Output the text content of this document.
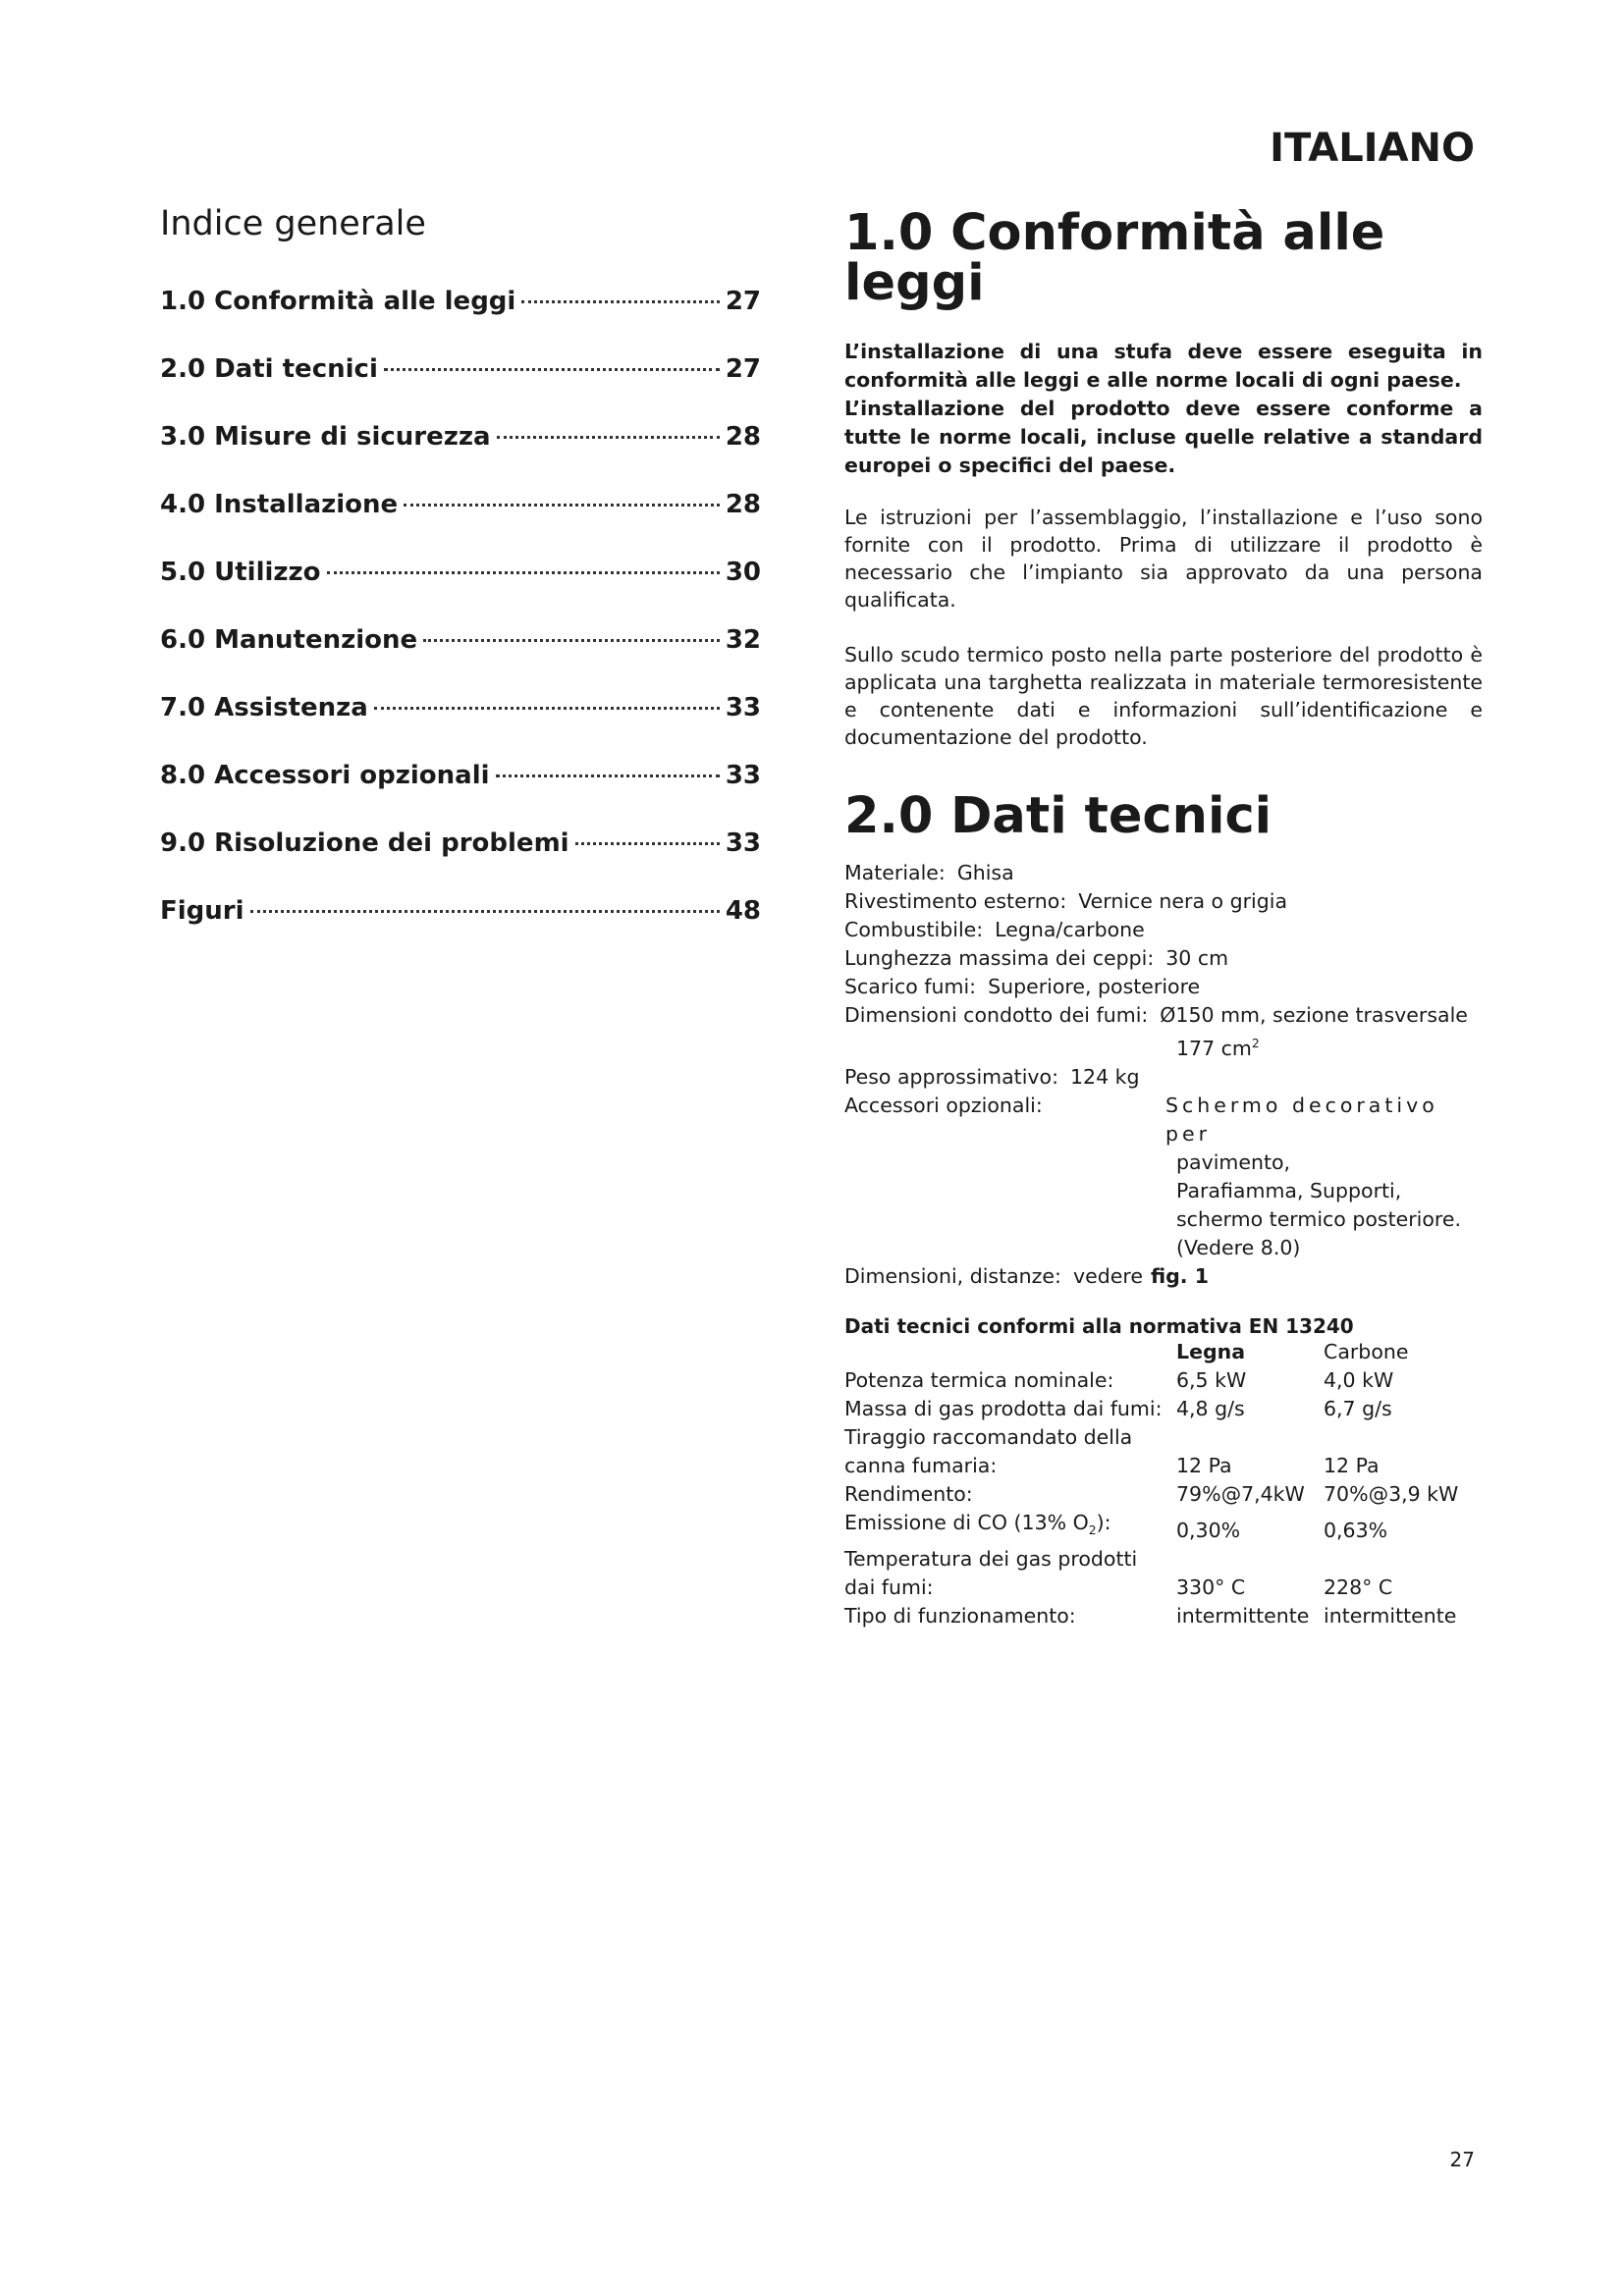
ITALIANO
Indice generale
1.0 Conformità alle leggi	27
2.0 Dati tecnici	27
3.0 Misure di sicurezza	28
4.0 Installazione	28
5.0 Utilizzo	30
6.0 Manutenzione	32
7.0 Assistenza	33
8.0 Accessori opzionali	33
9.0 Risoluzione dei problemi	33
Figuri	48
1.0 Conformità alle leggi

L’installazione di una stufa deve essere eseguita in conformità alle leggi e alle norme locali di ogni paese.

L’installazione del prodotto deve essere conforme a tutte le norme locali, incluse quelle relative a standard europei o specifici del paese.

Le istruzioni per l’assemblaggio, l’installazione e l’uso sono fornite con il prodotto. Prima di utilizzare il prodotto è necessario che l’impianto sia approvato da una persona qualificata.

Sullo scudo termico posto nella parte posteriore del prodotto è applicata una targhetta realizzata in materiale termoresistente e contenente dati e informazioni sull’identificazione e documentazione del prodotto.

2.0 Dati tecnici
Materiale: Ghisa
Rivestimento esterno: Vernice nera o grigia
Combustibile: Legna/carbone
Lunghezza massima dei ceppi: 30 cm
Scarico fumi: Superiore, posteriore
Dimensioni condotto dei fumi: Ø150 mm, sezione trasversale
177 $cm^2$
Peso approssimativo: 124 kg
Accessori opzionali:	Schermo decorativo per
pavimento,
Parafiamma, Supporti,
schermo termico posteriore.
(Vedere 8.0)
Dimensioni, distanze: vedere fig. 1
Dati tecnici conformi alla normativa EN 13240
	Legna	Carbone
Potenza termica nominale:	6,5 kW	4,0 kW
Massa di gas prodotta dai fumi:	4,8 g/s	6,7 g/s
Tiraggio raccomandato della		
canna fumaria:	12 Pa	12 Pa
Rendimento:	79%@7,4kW	70%@3,9 kW
Emissione di CO (13% $O_2$):	0,30%	0,63%

Temperatura dei gas prodotti
dai fumi:	330° C	228° C
Tipo di funzionamento:	intermittente	intermittente
27
